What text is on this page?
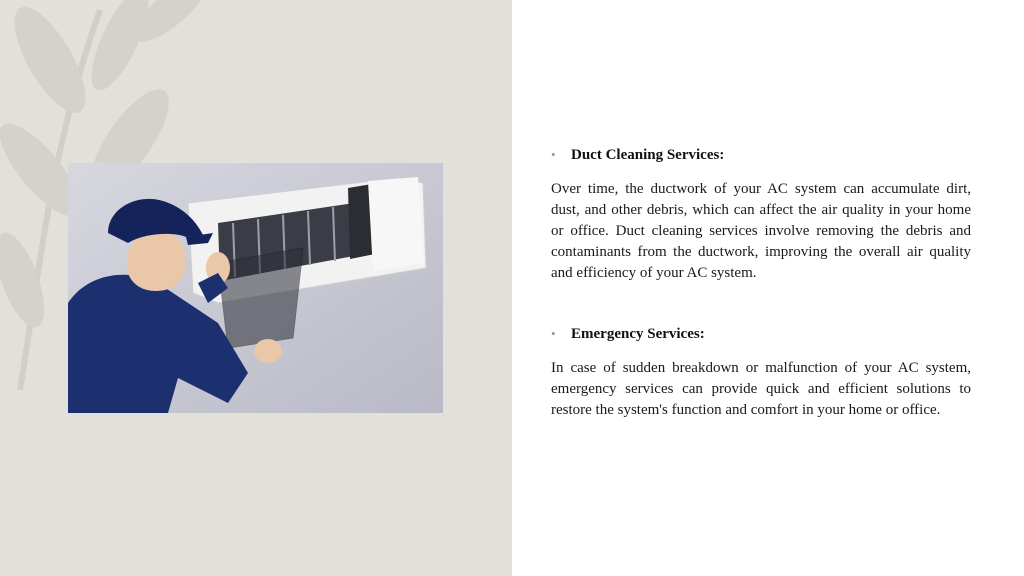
•	Duct Cleaning Services:

Over time, the ductwork of your AC system can accumulate dirt, dust, and other debris, which can affect the air quality in your home or office. Duct cleaning services involve removing the debris and contaminants from the ductwork, improving the overall air quality and efficiency of your AC system.

•	Emergency Services:

In case of sudden breakdown or malfunction of your AC system, emergency services can provide quick and efficient solutions to restore the system's function and comfort in your home or office.
